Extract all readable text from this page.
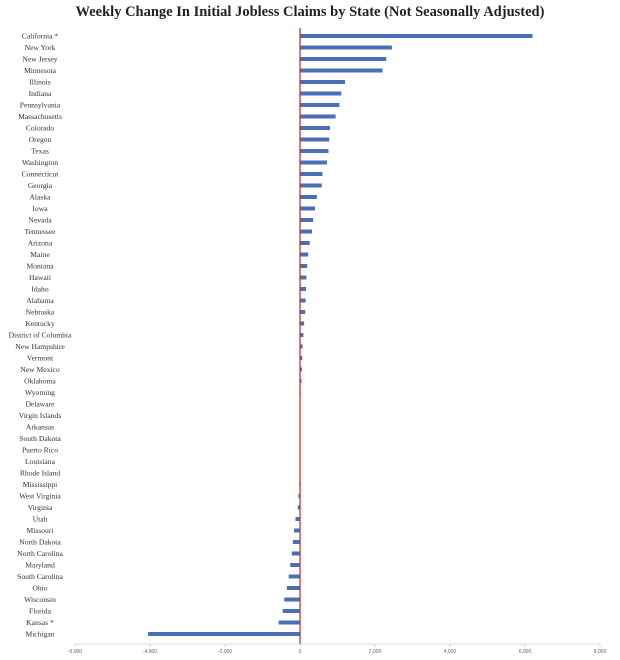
Weekly Change In Initial Jobless Claims by State (Not Seasonally Adjusted)
California *
New York
New Jersey
Minnesota
Illinois
Indiana
Pennsylvania
Massachusetts
Colorado
Oregon
Texas
Washington
Connecticut
Georgia
Alaska
Iowa
Nevada
Tennessee
Arizona
Maine
Montana
Hawaii
Idaho
Alabama
Nebraska
Kentucky
District of Columbia
New Hampshire
Vermont
New Mexico
Oklahoma
Wyoming
Delaware
Virgin Islands
Arkansas
South Dakota
Puerto Rico
Louisiana
Rhode Island
Mississippi
West Virginia
Virginia
Utah
Missouri
North Dakota
North Carolina
Maryland
South Carolina
Ohio
Wisconsin
Florida
Kansas *
Michigan
-6,000	-4,000	-2,000	0	2,000	4,000	6,000	8,000
